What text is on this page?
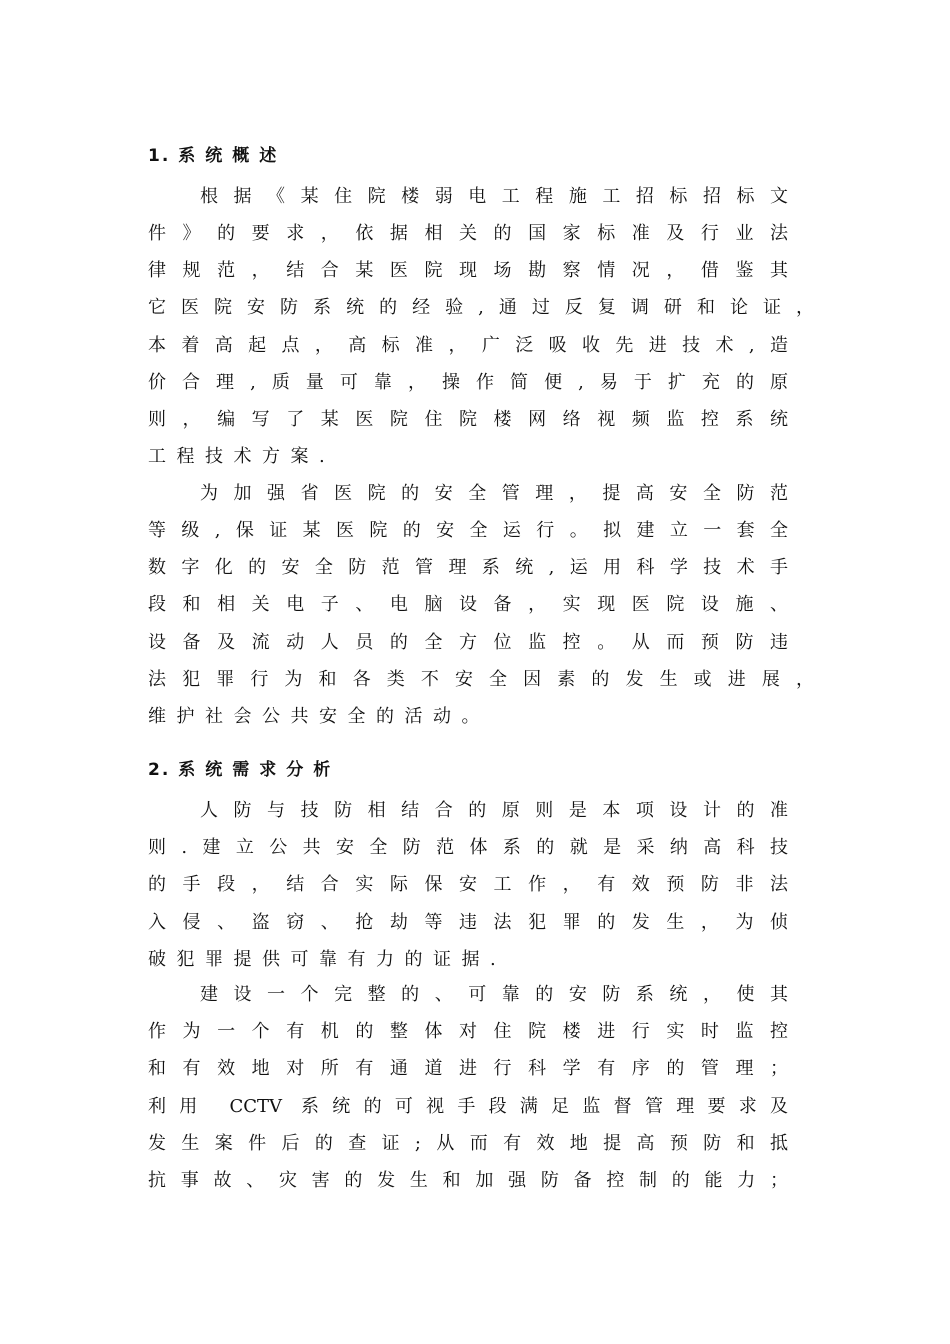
1. 系统概述
根据《某住院楼弱电工程施工招标招标文
件》的要求，依据相关的国家标准及行业法
律规范，结合某医院现场勘察情况，借鉴其
它医院安防系统的经验,通过反复调研和论证，
本着高起点，高标准，广泛吸收先进技术,造
价合理,质量可靠，操作简便,易于扩充的原
则，编写了某医院住院楼网络视频监控系统
工程技术方案.
为加强省医院的安全管理，提高安全防范
等级,保证某医院的安全运行。拟建立一套全
数字化的安全防范管理系统,运用科学技术手
段和相关电子、电脑设备，实现医院设施、
设备及流动人员的全方位监控。从而预防违
法犯罪行为和各类不安全因素的发生或进展，
维护社会公共安全的活动。
2. 系统需求分析
人防与技防相结合的原则是本项设计的准
则.建立公共安全防范体系的就是采纳高科技
的手段，结合实际保安工作，有效预防非法
入侵、盗窃、抢劫等违法犯罪的发生，为侦
破犯罪提供可靠有力的证据.
建设一个完整的、可靠的安防系统，使其
作为一个有机的整体对住院楼进行实时监控
和有效地对所有通道进行科学有序的管理；
利用 CCTV 系统的可视手段满足监督管理要求及
发生案件后的查证;从而有效地提高预防和抵
抗事故、灾害的发生和加强防备控制的能力；
